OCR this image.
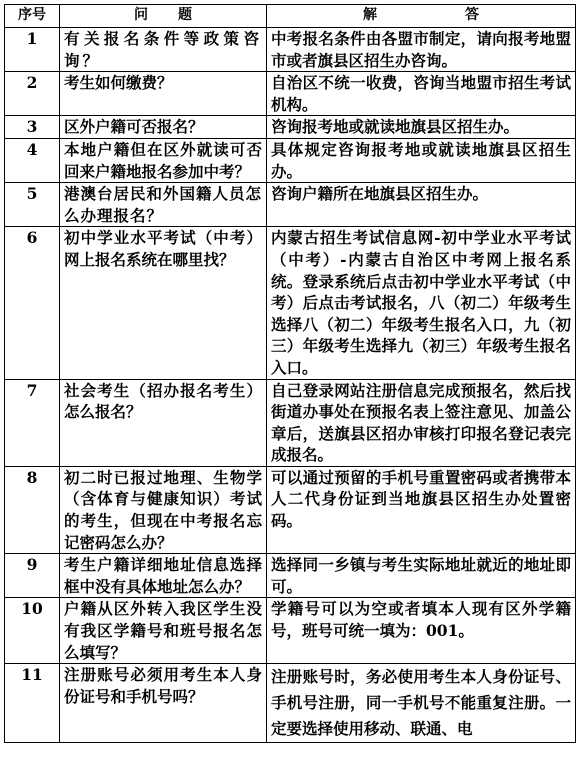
序号	问 题	解 答

1	有关报名条件等政策咨询？	中考报名条件由各盟市制定，请向报考地盟市或者旗县区招生办咨询。
2	考生如何缴费？	自治区不统一收费，咨询当地盟市招生考试机构。
3	区外户籍可否报名？	咨询报考地或就读地旗县区招生办。
4	本地户籍但在区外就读可否回来户籍地报名参加中考？	具体规定咨询报考地或就读地旗县区招生办。
5	港澳台居民和外国籍人员怎么办理报名？	咨询户籍所在地旗县区招生办。
6	初中学业水平考试（中考）网上报名系统在哪里找？	内蒙古招生考试信息网-初中学业水平考试（中考）-内蒙古自治区中考网上报名系统。登录系统后点击初中学业水平考试（中考）后点击考试报名，八（初二）年级考生选择八（初二）年级考生报名入口，九（初三）年级考生选择九（初三）年级考生报名入口。
7	社会考生（招办报名考生）怎么报名？	自己登录网站注册信息完成预报名，然后找街道办事处在预报名表上签注意见、加盖公章后，送旗县区招办审核打印报名登记表完成报名。
8	初二时已报过地理、生物学（含体育与健康知识）考试的考生，但现在中考报名忘记密码怎么办？	可以通过预留的手机号重置密码或者携带本人二代身份证到当地旗县区招生办处置密码。
9	考生户籍详细地址信息选择框中没有具体地址怎么办？	选择同一乡镇与考生实际地址就近的地址即可。
10	户籍从区外转入我区学生没有我区学籍号和班号报名怎么填写？	学籍号可以为空或者填本人现有区外学籍号，班号可统一填为：001。
11	注册账号必须用考生本人身份证号和手机号吗？	注册账号时，务必使用考生本人身份证号、手机号注册，同一手机号不能重复注册。一定要选择使用移动、联通、电
